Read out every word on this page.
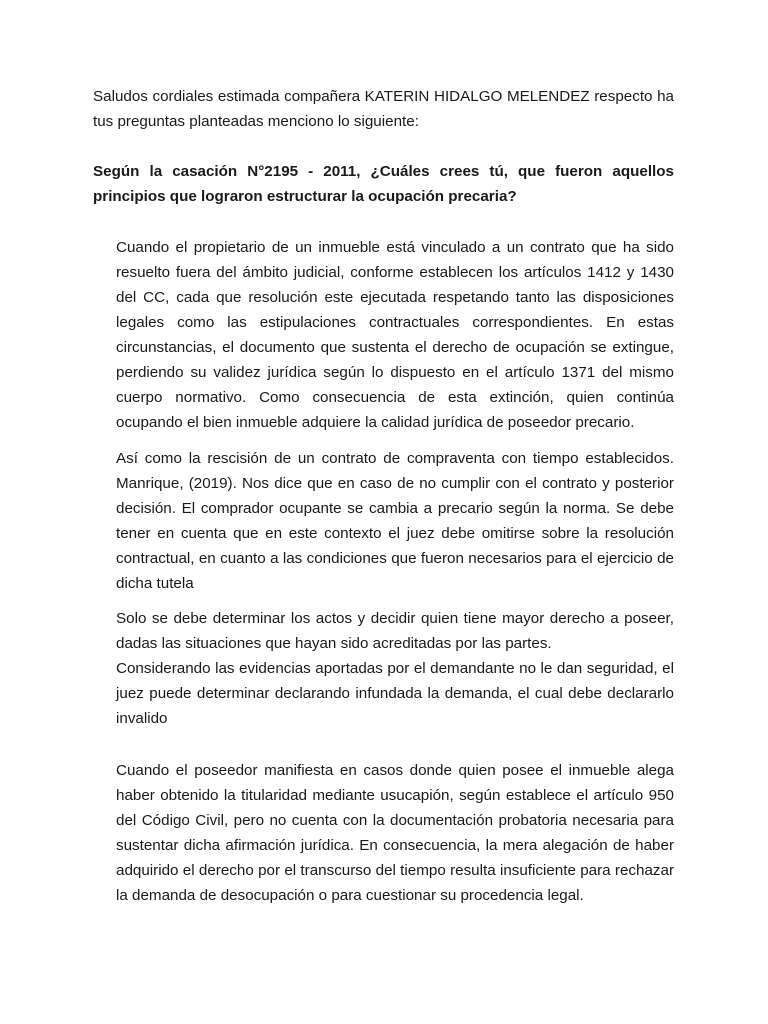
Saludos cordiales estimada compañera KATERIN HIDALGO MELENDEZ respecto ha tus preguntas planteadas menciono lo siguiente:

Según la casación N°2195 - 2011, ¿Cuáles crees tú, que fueron aquellos principios que lograron estructurar la ocupación precaria?

Cuando el propietario de un inmueble está vinculado a un contrato que ha sido resuelto fuera del ámbito judicial, conforme establecen los artículos 1412 y 1430 del CC, cada que resolución este ejecutada respetando tanto las disposiciones legales como las estipulaciones contractuales correspondientes. En estas circunstancias, el documento que sustenta el derecho de ocupación se extingue, perdiendo su validez jurídica según lo dispuesto en el artículo 1371 del mismo cuerpo normativo. Como consecuencia de esta extinción, quien continúa ocupando el bien inmueble adquiere la calidad jurídica de poseedor precario.

Así como la rescisión de un contrato de compraventa con tiempo establecidos. Manrique, (2019). Nos dice que en caso de no cumplir con el contrato y posterior decisión. El comprador ocupante se cambia a precario según la norma. Se debe tener en cuenta que en este contexto el juez debe omitirse sobre la resolución contractual, en cuanto a las condiciones que fueron necesarios para el ejercicio de dicha tutela

Solo se debe determinar los actos y decidir quien tiene mayor derecho a poseer, dadas las situaciones que hayan sido acreditadas por las partes.

Considerando las evidencias aportadas por el demandante no le dan seguridad, el juez puede determinar declarando infundada la demanda, el cual debe declararlo invalido

Cuando el poseedor manifiesta en casos donde quien posee el inmueble alega haber obtenido la titularidad mediante usucapión, según establece el artículo 950 del Código Civil, pero no cuenta con la documentación probatoria necesaria para sustentar dicha afirmación jurídica. En consecuencia, la mera alegación de haber adquirido el derecho por el transcurso del tiempo resulta insuficiente para rechazar la demanda de desocupación o para cuestionar su procedencia legal.
